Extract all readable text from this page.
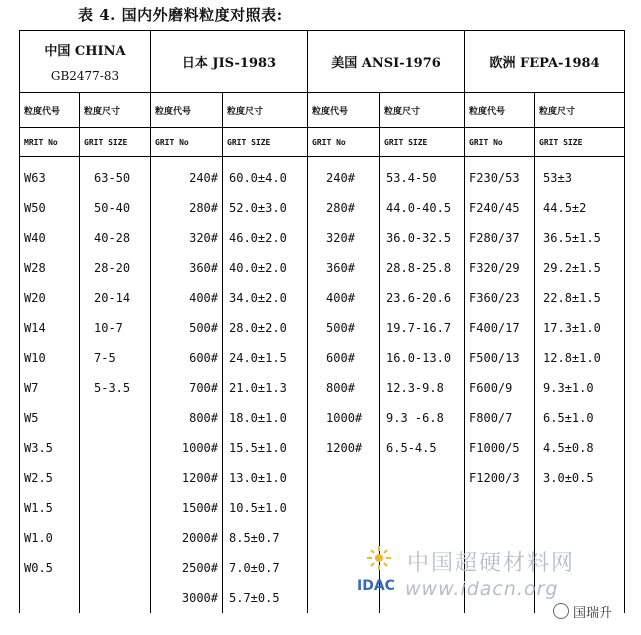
表 4. 国内外磨料粒度对照表:
中国 CHINA
GB2477-83		日本 JIS-1983		美国 ANSI-1976		欧洲 FEPA-1984	

粒度代号	粒度尺寸	粒度代号	粒度尺寸	粒度代号	粒度尺寸	粒度代号	粒度尺寸
MRIT No	GRIT SIZE	GRIT No	GRIT SIZE	GRIT No	GRIT SIZE	GRIT No	GRIT SIZE
W63	63-50	240#	60.0±4.0	240#	53.4-50	F230/53	53±3
W50	50-40	280#	52.0±3.0	280#	44.0-40.5	F240/45	44.5±2
W40	40-28	320#	46.0±2.0	320#	36.0-32.5	F280/37	36.5±1.5
W28	28-20	360#	40.0±2.0	360#	28.8-25.8	F320/29	29.2±1.5
W20	20-14	400#	34.0±2.0	400#	23.6-20.6	F360/23	22.8±1.5
W14	10-7	500#	28.0±2.0	500#	19.7-16.7	F400/17	17.3±1.0
W10	7-5	600#	24.0±1.5	600#	16.0-13.0	F500/13	12.8±1.0
W7	5-3.5	700#	21.0±1.3	800#	12.3-9.8	F600/9	9.3±1.0
W5		800#	18.0±1.0	1000#	9.3 -6.8	F800/7	6.5±1.0
W3.5		1000#	15.5±1.0	1200#	6.5-4.5	F1000/5	4.5±0.8
W2.5		1200#	13.0±1.0			F1200/3	3.0±0.5
W1.5		1500#	10.5±1.0				
W1.0		2000#	8.5±0.7				
W0.5		2500#	7.0±0.7				
		3000#	5.7±0.5				
IDAC
中国超硬材料网
www.idacn.org
国瑞升
